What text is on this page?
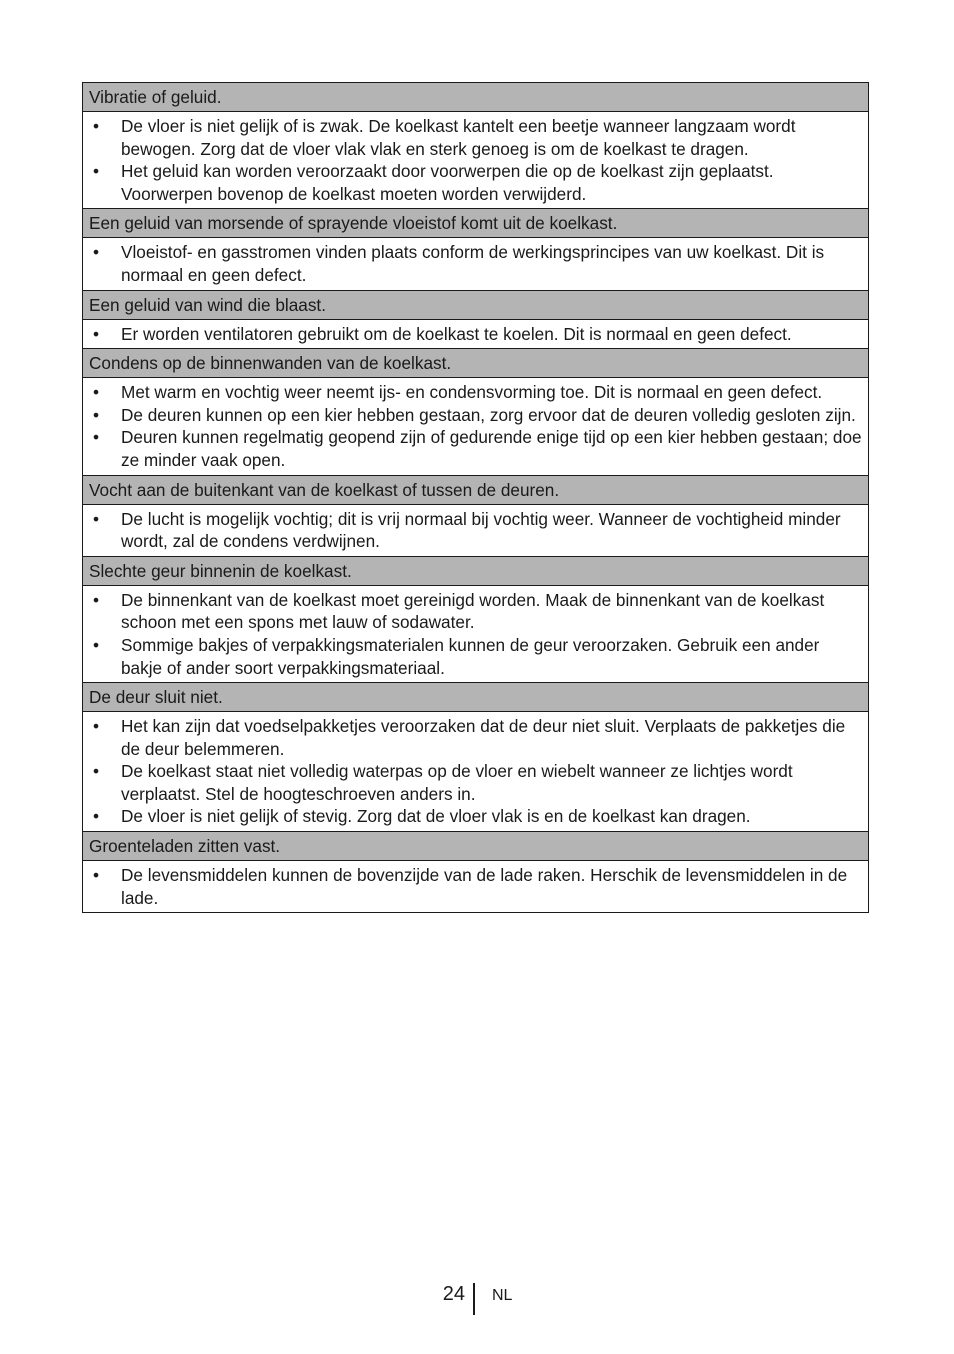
Vibratie of geluid.
• De vloer is niet gelijk of is zwak. De koelkast kantelt een beetje wanneer langzaam wordt bewogen. Zorg dat de vloer vlak vlak en sterk genoeg is om de koelkast te dragen.
• Het geluid kan worden veroorzaakt door voorwerpen die op de koelkast zijn geplaatst. Voorwerpen bovenop de koelkast moeten worden verwijderd.
Een geluid van morsende of sprayende vloeistof komt uit de koelkast.
• Vloeistof- en gasstromen vinden plaats conform de werkingsprincipes van uw koelkast. Dit is normaal en geen defect.
Een geluid van wind die blaast.
• Er worden ventilatoren gebruikt om de koelkast te koelen. Dit is normaal en geen defect.
Condens op de binnenwanden van de koelkast.
• Met warm en vochtig weer neemt ijs- en condensvorming toe. Dit is normaal en geen defect.
• De deuren kunnen op een kier hebben gestaan, zorg ervoor dat de deuren volledig gesloten zijn.
• Deuren kunnen regelmatig geopend zijn of gedurende enige tijd op een kier hebben gestaan; doe ze minder vaak open.
Vocht aan de buitenkant van de koelkast of tussen de deuren.
• De lucht is mogelijk vochtig; dit is vrij normaal bij vochtig weer. Wanneer de vochtigheid minder wordt, zal de condens verdwijnen.
Slechte geur binnenin de koelkast.
• De binnenkant van de koelkast moet gereinigd worden. Maak de binnenkant van de koelkast schoon met een spons met lauw of sodawater.
• Sommige bakjes of verpakkingsmaterialen kunnen de geur veroorzaken. Gebruik een ander bakje of ander soort verpakkingsmateriaal.
De deur sluit niet.
• Het kan zijn dat voedselpakketjes veroorzaken dat de deur niet sluit. Verplaats de pakketjes die de deur belemmeren.
• De koelkast staat niet volledig waterpas op de vloer en wiebelt wanneer ze lichtjes wordt verplaatst. Stel de hoogteschroeven anders in.
• De vloer is niet gelijk of stevig. Zorg dat de vloer vlak is en de koelkast kan dragen.
Groenteladen zitten vast.
• De levensmiddelen kunnen de bovenzijde van de lade raken. Herschik de levensmiddelen in de lade.
24 NL
